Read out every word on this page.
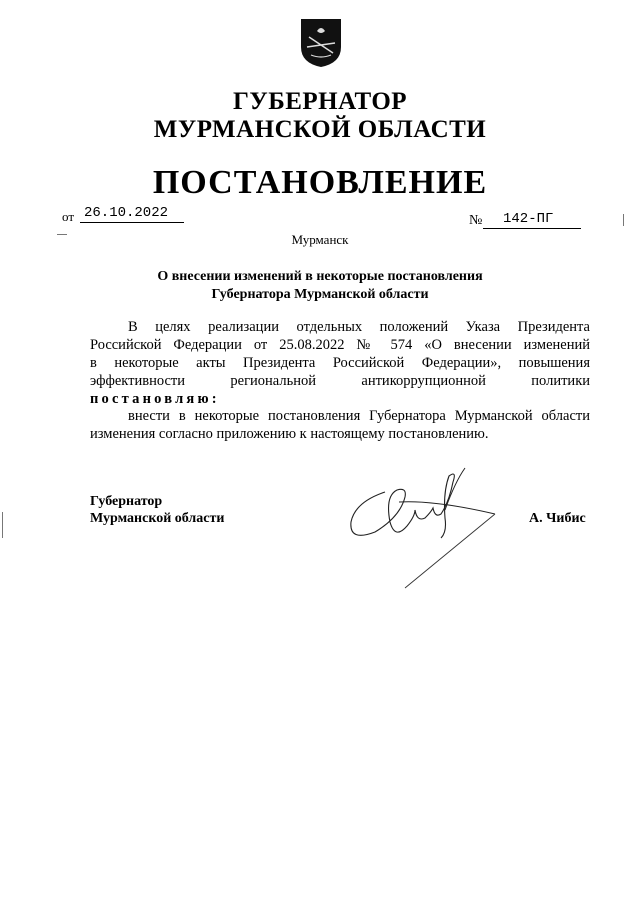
ГУБЕРНАТОР
МУРМАНСКОЙ ОБЛАСТИ
ПОСТАНОВЛЕНИЕ
от 26.10.2022	№	142-ПГ
Мурманск
О внесении изменений в некоторые постановления
Губернатора Мурманской области
В целях реализации отдельных положений Указа Президента
Российской Федерации от 25.08.2022 № 574 «О внесении изменений
в некоторые акты Президента Российской Федерации», повышения
эффективности региональной антикоррупционной политики
постановляю:
внести в некоторые постановления Губернатора Мурманской области
изменения согласно приложению к настоящему постановлению.
Губернатор
Мурманской области	А. Чибис
